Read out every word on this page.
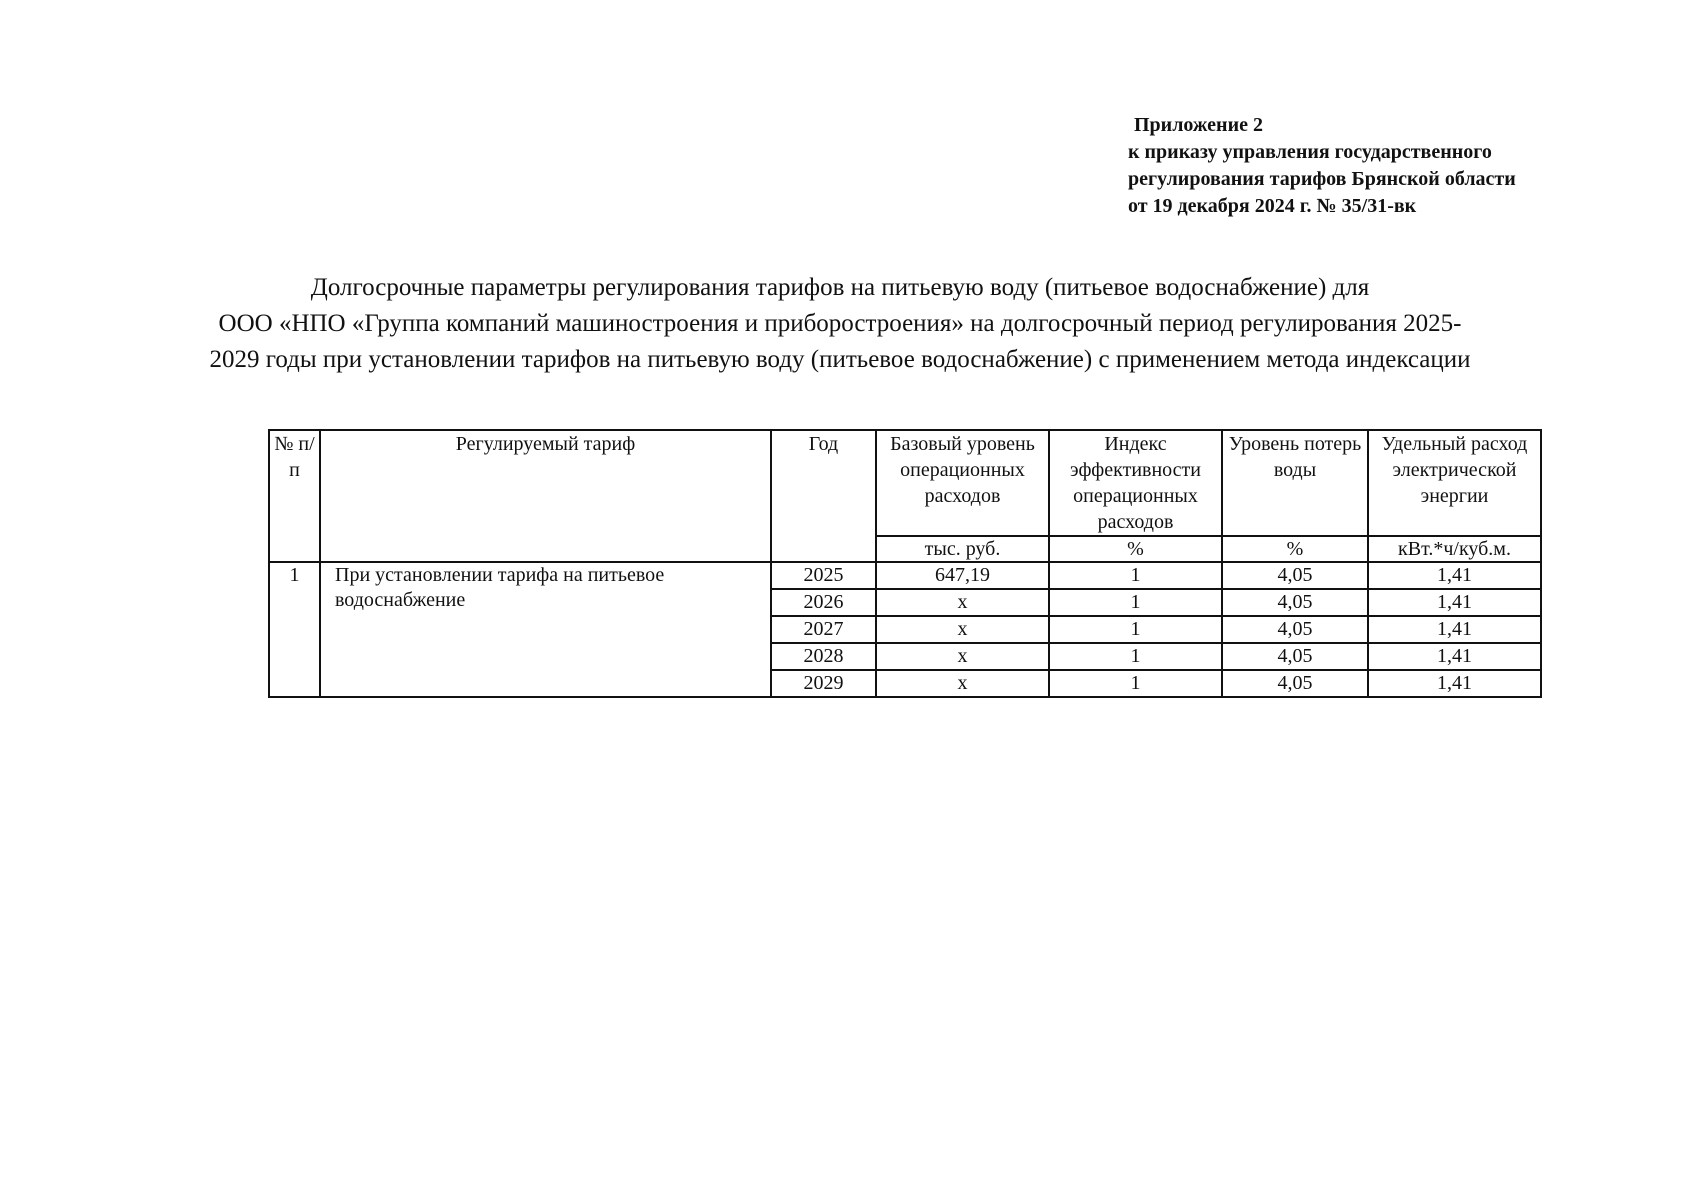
Приложение 2
к приказу управления государственного
регулирования тарифов Брянской области
от 19 декабря 2024 г. № 35/31-вк
Долгосрочные параметры регулирования тарифов на питьевую воду (питьевое водоснабжение) для
ООО «НПО «Группа компаний машиностроения и приборостроения» на долгосрочный период регулирования 2025-
2029 годы при установлении тарифов на питьевую воду (питьевое водоснабжение) с применением метода индексации
№ п/п	Регулируемый тариф	Год	Базовый уровень операционных расходов	Индекс эффективности операционных расходов	Уровень потерь воды	Удельный расход электрической энергии
			тыс. руб.	%	%	кВт.*ч/куб.м.
1	При установлении тарифа на питьевое водоснабжение	2025	647,19	1	4,05	1,41
		2026	х	1	4,05	1,41
		2027	х	1	4,05	1,41
		2028	х	1	4,05	1,41
		2029	х	1	4,05	1,41
